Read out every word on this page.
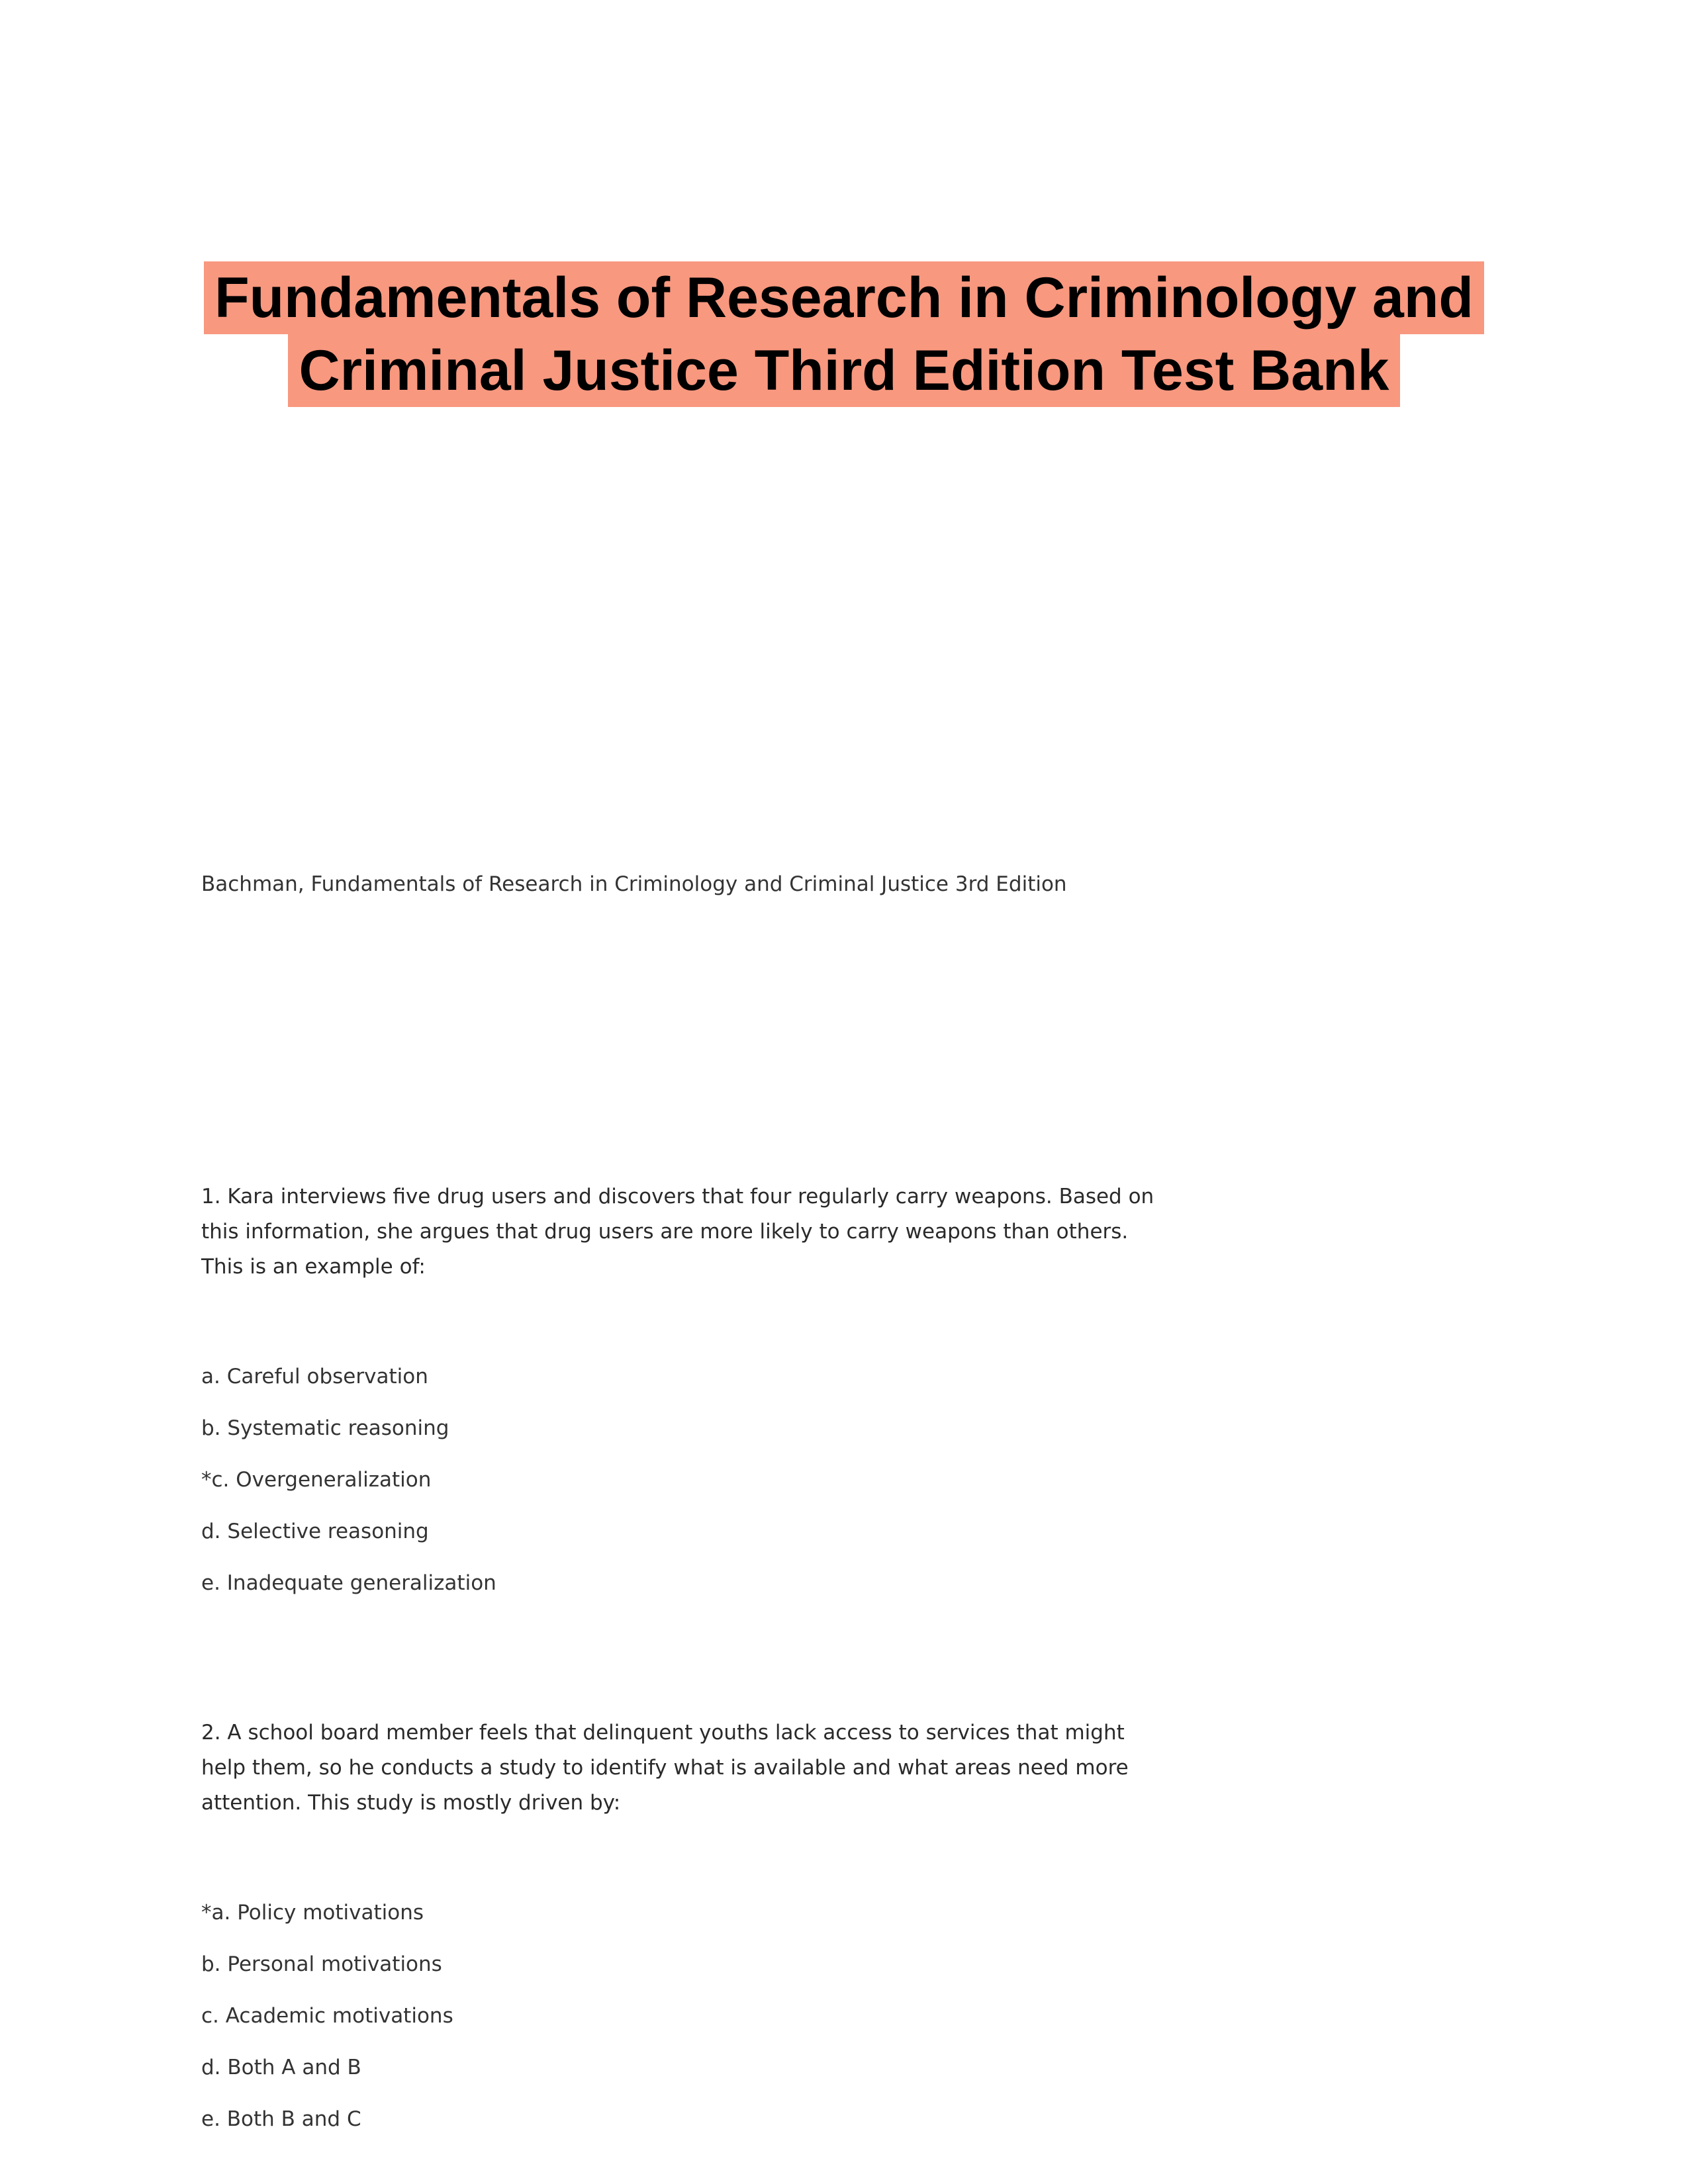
Fundamentals of Research in Criminology and
Criminal Justice Third Edition Test Bank
Bachman, Fundamentals of Research in Criminology and Criminal Justice 3rd Edition

1. Kara interviews five drug users and discovers that four regularly carry weapons. Based on this information, she argues that drug users are more likely to carry weapons than others. This is an example of:

a. Careful observation
b. Systematic reasoning
*c. Overgeneralization
d. Selective reasoning
e. Inadequate generalization

2. A school board member feels that delinquent youths lack access to services that might help them, so he conducts a study to identify what is available and what areas need more attention. This study is mostly driven by:

*a. Policy motivations
b. Personal motivations
c. Academic motivations
d. Both A and B
e. Both B and C
